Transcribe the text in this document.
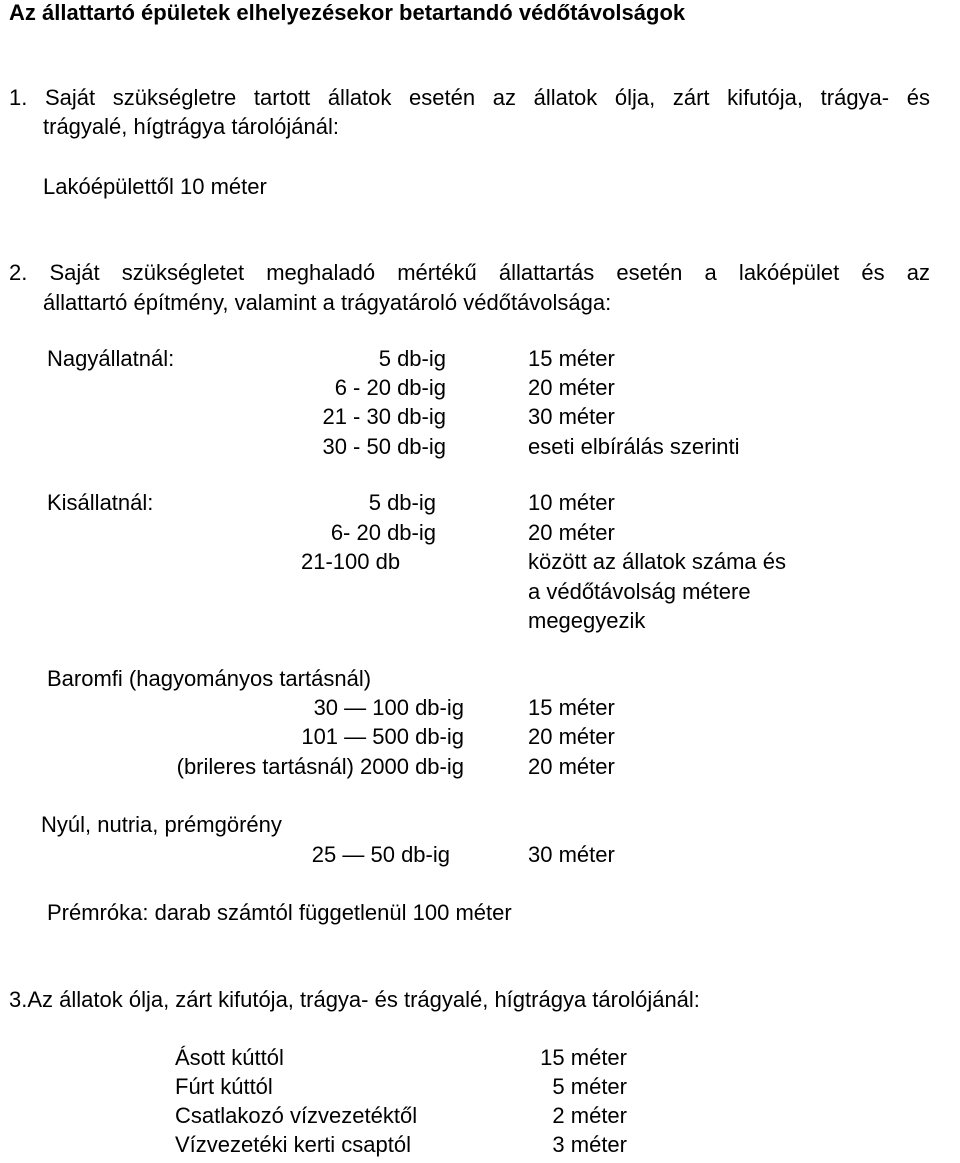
Az állattartó épületek elhelyezésekor betartandó védőtávolságok
1. Saját szükségletre tartott állatok esetén az állatok ólja, zárt kifutója, trágya- és
trágyalé, hígtrágya tárolójánál:
Lakóépülettől 10 méter
2. Saját szükségletet meghaladó mértékű állattartás esetén a lakóépület és az
állattartó építmény, valamint a trágyatároló védőtávolsága:
Nagyállatnál:	5 db-ig	15 méter
6 - 20 db-ig	20 méter
21 - 30 db-ig	30 méter
30 - 50 db-ig	eseti elbírálás szerinti
Kisállatnál:	5 db-ig	10 méter
6- 20 db-ig	20 méter
21-100 db	között az állatok száma és
a védőtávolság métere
megegyezik
Baromfi (hagyományos tartásnál)
30 — 100 db-ig	15 méter
101 — 500 db-ig	20 méter
(brileres tartásnál) 2000 db-ig	20 méter
Nyúl, nutria, prémgörény
25 — 50 db-ig	30 méter
Prémróka: darab számtól függetlenül 100 méter
3.Az állatok ólja, zárt kifutója, trágya- és trágyalé, hígtrágya tárolójánál:
Ásott kúttól	15 méter
Fúrt kúttól	5 méter
Csatlakozó vízvezetéktől	2 méter
Vízvezetéki kerti csaptól	3 méter
